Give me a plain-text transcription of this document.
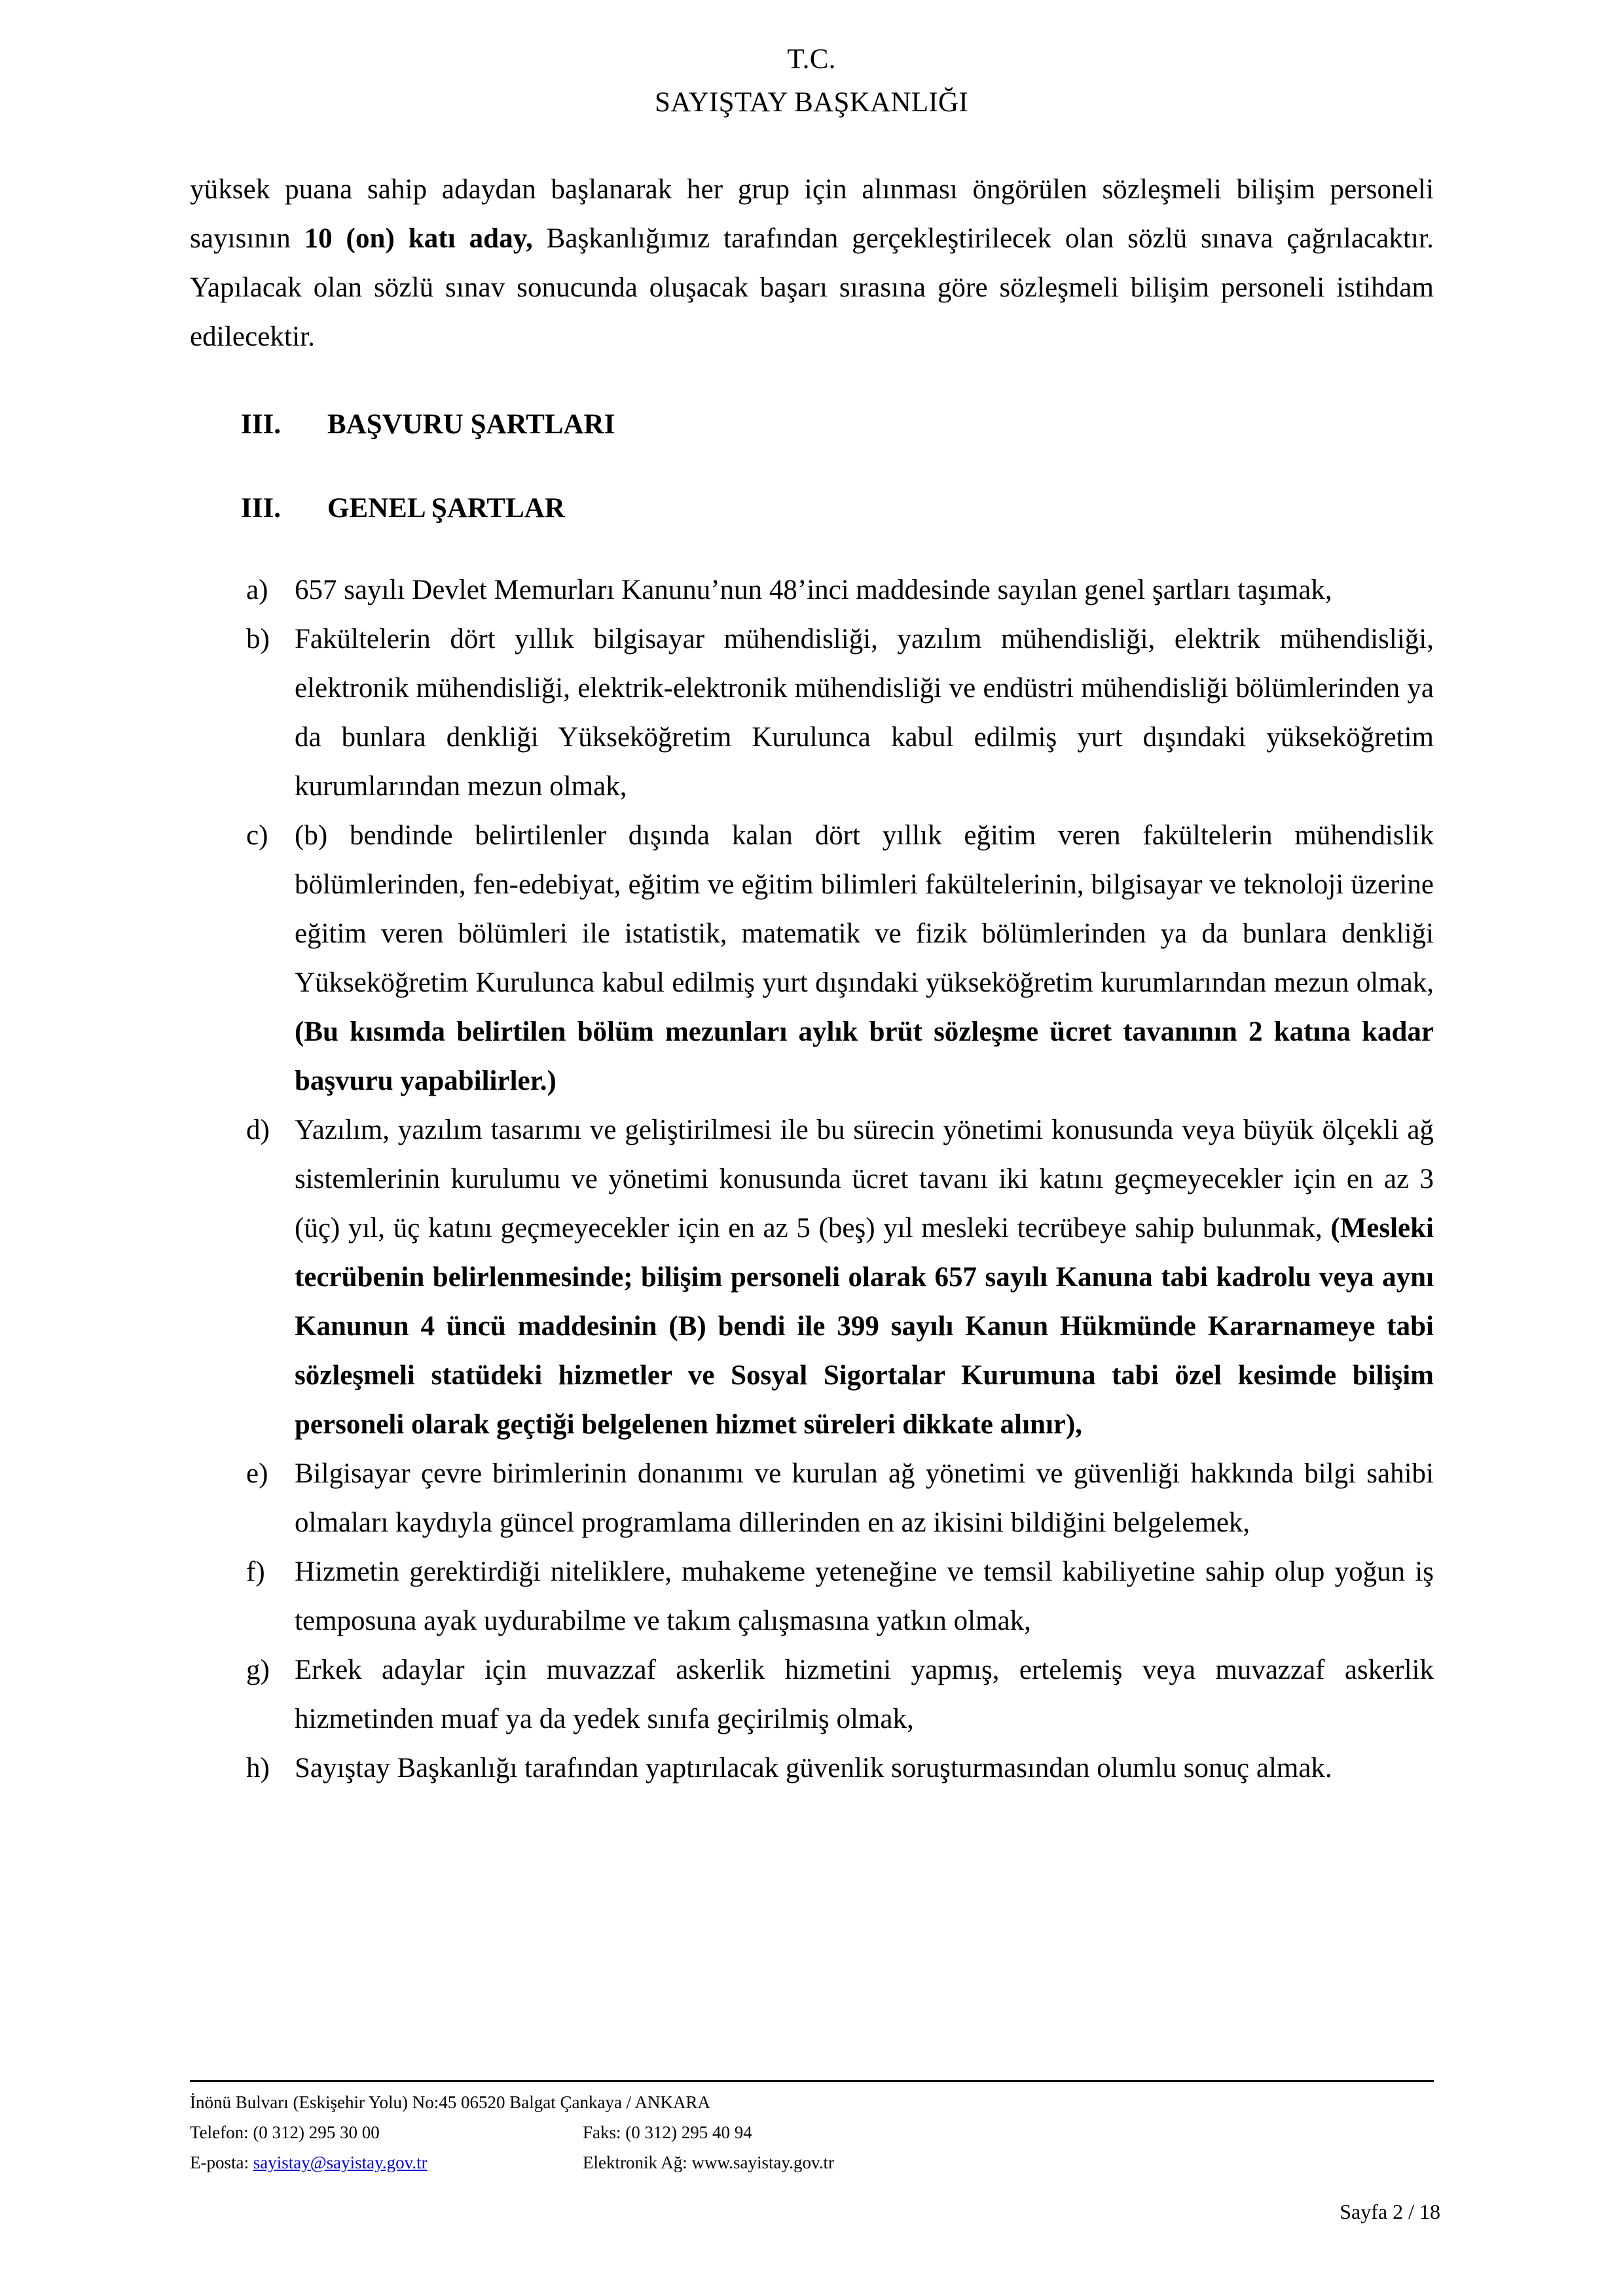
T.C.
SAYIŞTAY BAŞKANLIĞI

yüksek puana sahip adaydan başlanarak her grup için alınması öngörülen sözleşmeli bilişim personeli sayısının 10 (on) katı aday, Başkanlığımız tarafından gerçekleştirilecek olan sözlü sınava çağrılacaktır. Yapılacak olan sözlü sınav sonucunda oluşacak başarı sırasına göre sözleşmeli bilişim personeli istihdam edilecektir.

III.	BAŞVURU ŞARTLARI
III.	GENEL ŞARTLAR
a) 657 sayılı Devlet Memurları Kanunu’nun 48’inci maddesinde sayılan genel şartları taşımak,
b) Fakültelerin dört yıllık bilgisayar mühendisliği, yazılım mühendisliği, elektrik mühendisliği, elektronik mühendisliği, elektrik-elektronik mühendisliği ve endüstri mühendisliği bölümlerinden ya da bunlara denkliği Yükseköğretim Kurulunca kabul edilmiş yurt dışındaki yükseköğretim kurumlarından mezun olmak,
c) (b) bendinde belirtilenler dışında kalan dört yıllık eğitim veren fakültelerin mühendislik bölümlerinden, fen-edebiyat, eğitim ve eğitim bilimleri fakültelerinin, bilgisayar ve teknoloji üzerine eğitim veren bölümleri ile istatistik, matematik ve fizik bölümlerinden ya da bunlara denkliği Yükseköğretim Kurulunca kabul edilmiş yurt dışındaki yükseköğretim kurumlarından mezun olmak, (Bu kısımda belirtilen bölüm mezunları aylık brüt sözleşme ücret tavanının 2 katına kadar başvuru yapabilirler.)
d) Yazılım, yazılım tasarımı ve geliştirilmesi ile bu sürecin yönetimi konusunda veya büyük ölçekli ağ sistemlerinin kurulumu ve yönetimi konusunda ücret tavanı iki katını geçmeyecekler için en az 3 (üç) yıl, üç katını geçmeyecekler için en az 5 (beş) yıl mesleki tecrübeye sahip bulunmak, (Mesleki tecrübenin belirlenmesinde; bilişim personeli olarak 657 sayılı Kanuna tabi kadrolu veya aynı Kanunun 4 üncü maddesinin (B) bendi ile 399 sayılı Kanun Hükmünde Kararnameye tabi sözleşmeli statüdeki hizmetler ve Sosyal Sigortalar Kurumuna tabi özel kesimde bilişim personeli olarak geçtiği belgelenen hizmet süreleri dikkate alınır),
e) Bilgisayar çevre birimlerinin donanımı ve kurulan ağ yönetimi ve güvenliği hakkında bilgi sahibi olmaları kaydıyla güncel programlama dillerinden en az ikisini bildiğini belgelemek,
f)	Hizmetin gerektirdiği niteliklere, muhakeme yeteneğine ve temsil kabiliyetine sahip olup yoğun iş temposuna ayak uydurabilme ve takım çalışmasına yatkın olmak,
g) Erkek adaylar için muvazzaf askerlik hizmetini yapmış, ertelemiş veya muvazzaf askerlik hizmetinden muaf ya da yedek sınıfa geçirilmiş olmak,
h) Sayıştay Başkanlığı tarafından yaptırılacak güvenlik soruşturmasından olumlu sonuç almak.
İnönü Bulvarı (Eskişehir Yolu) No:45 06520 Balgat Çankaya / ANKARA
Telefon: (0 312) 295 30 00	Faks: (0 312) 295 40 94
E-posta: sayistay@sayistay.gov.tr	Elektronik Ağ: www.sayistay.gov.tr
Sayfa 2 / 18
